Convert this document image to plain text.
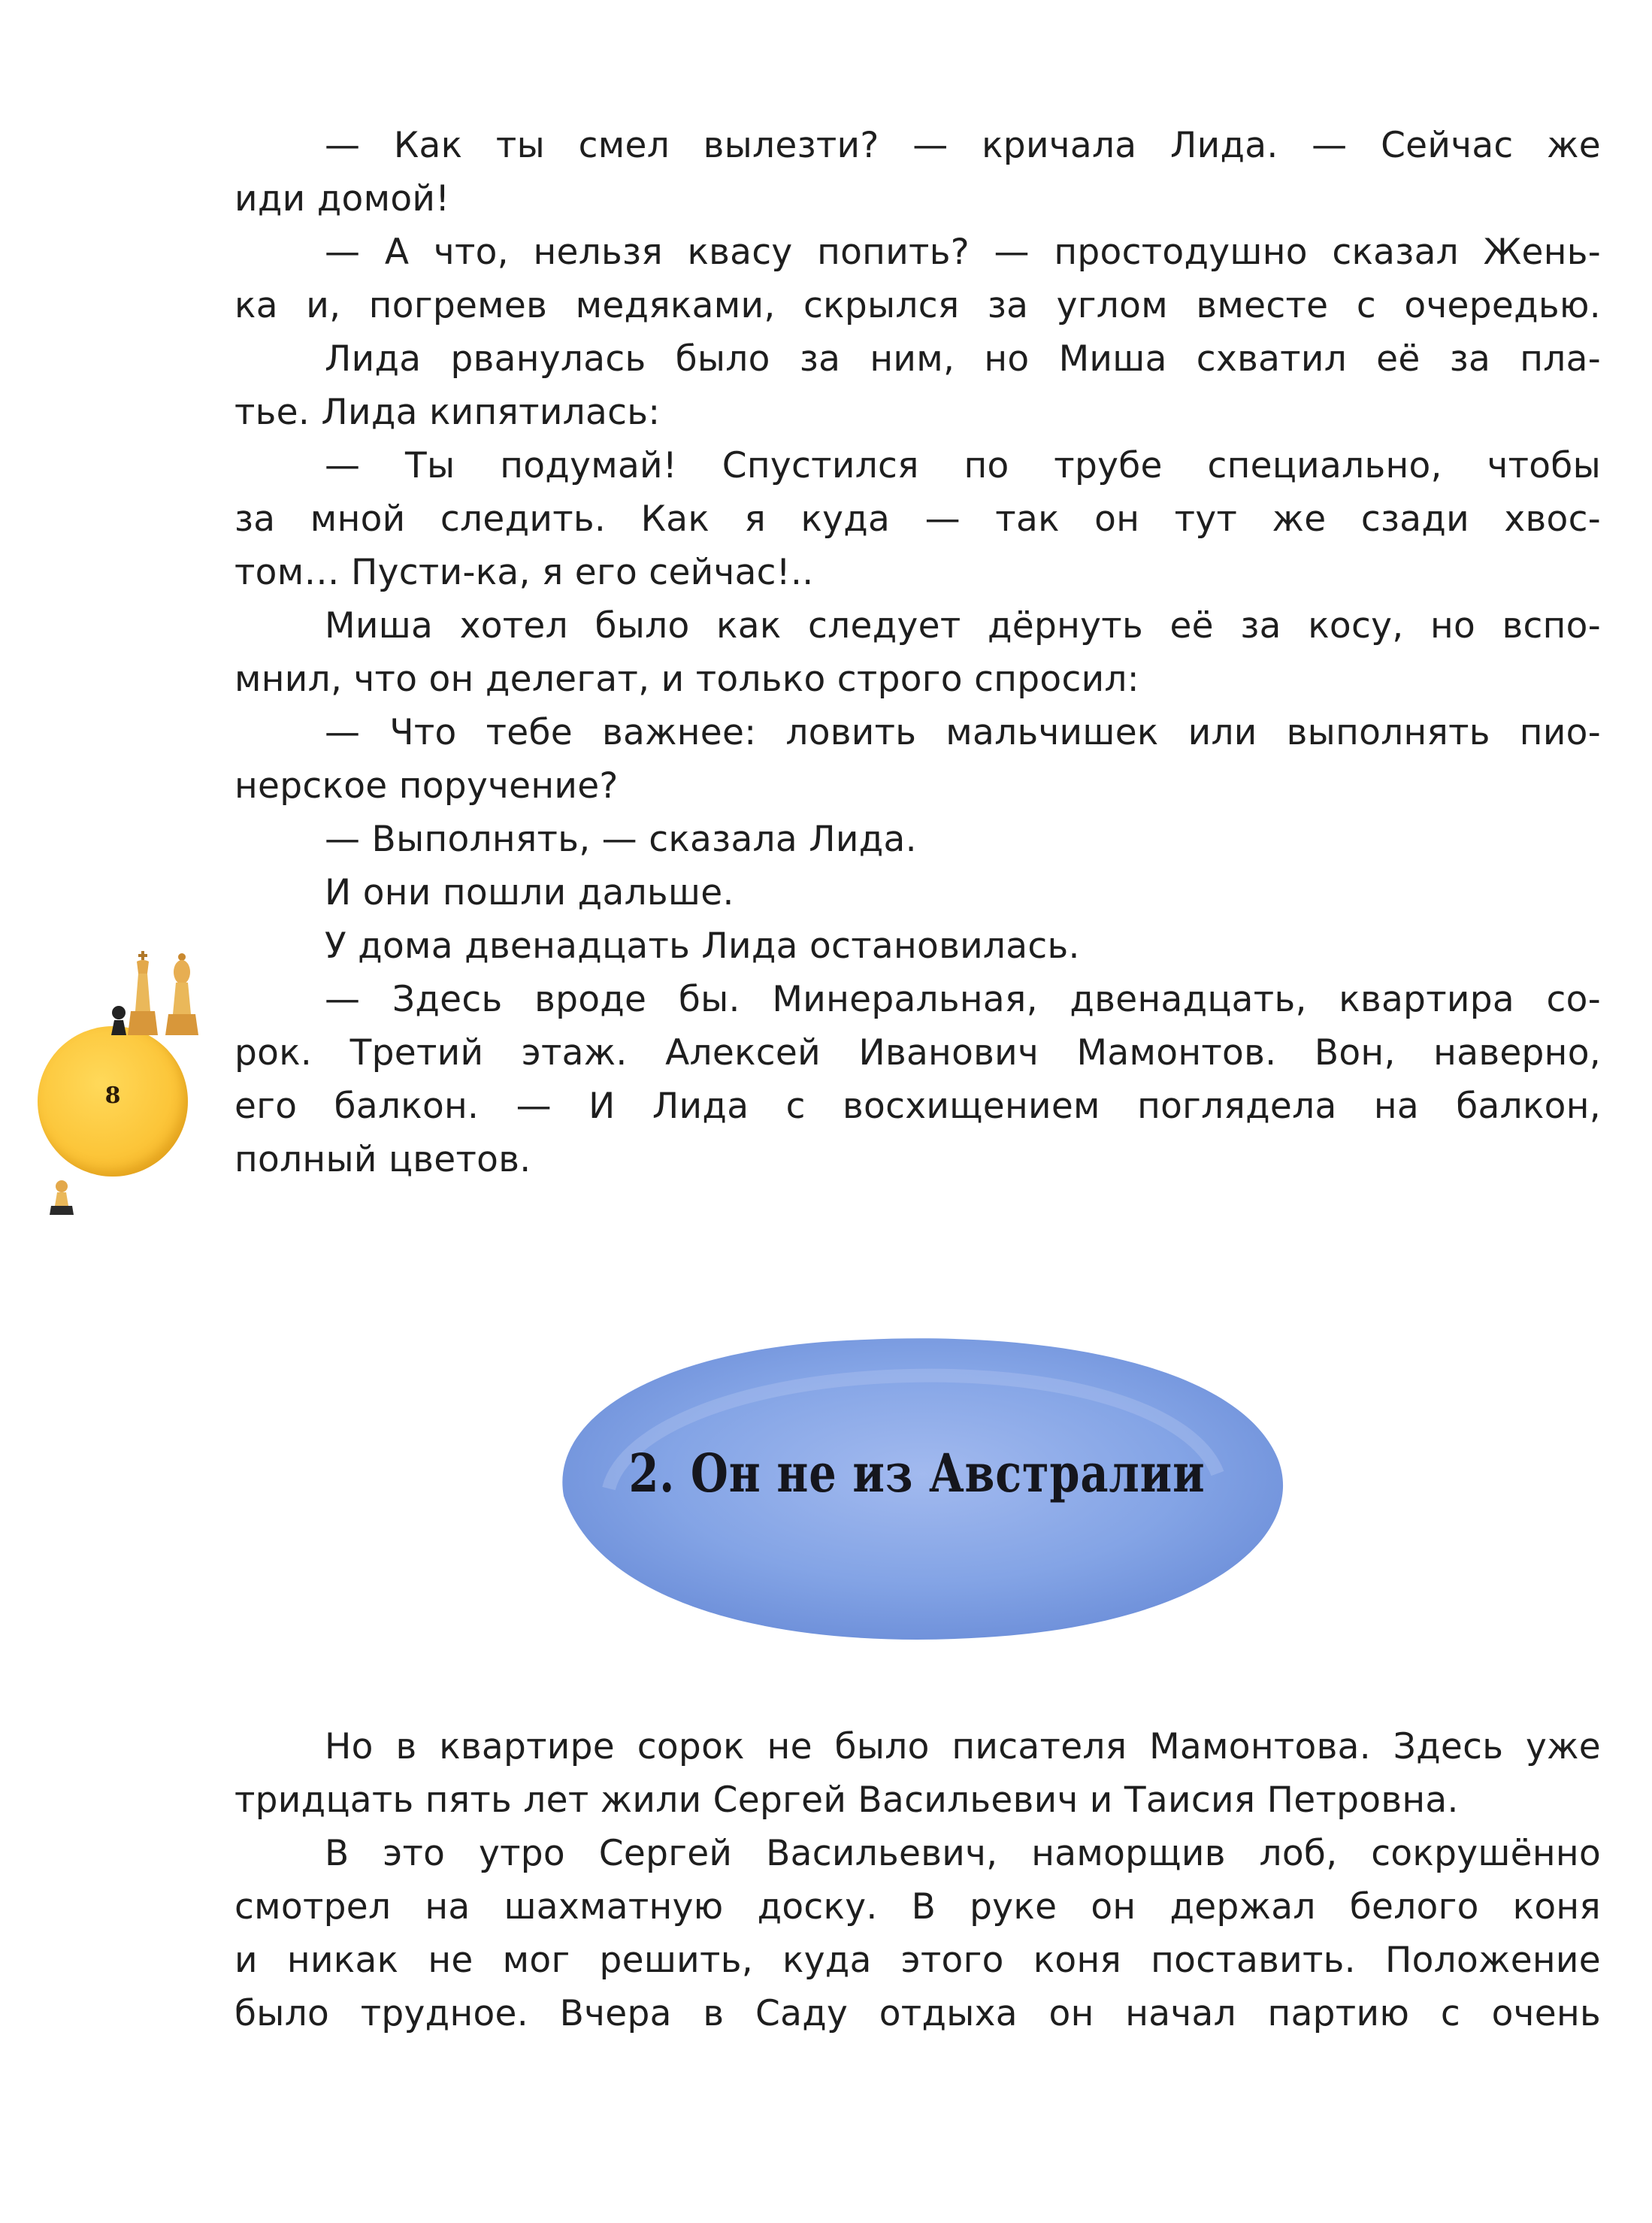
— Как ты смел вылезти? — кричала Лида. — Сейчас же
иди домой!
— А что, нельзя квасу попить? — простодушно сказал Жень-
ка и, погремев медяками, скрылся за углом вместе с очередью.
Лида рванулась было за ним, но Миша схватил её за пла-
тье. Лида кипятилась:
— Ты подумай! Спустился по трубе специально, чтобы
за мной следить. Как я куда — так он тут же сзади хвос-
том… Пусти-ка, я его сейчас!..
Миша хотел было как следует дёрнуть её за косу, но вспо-
мнил, что он делегат, и только строго спросил:
— Что тебе важнее: ловить мальчишек или выполнять пио-
нерское поручение?
— Выполнять, — сказала Лида.
И они пошли дальше.
У дома двенадцать Лида остановилась.
— Здесь вроде бы. Минеральная, двенадцать, квартира со-
рок. Третий этаж. Алексей Иванович Мамонтов. Вон, наверно,
его балкон. — И Лида с восхищением поглядела на балкон,
полный цветов.
8
2. Он не из Австралии
Но в квартире сорок не было писателя Мамонтова. Здесь уже
тридцать пять лет жили Сергей Васильевич и Таисия Петровна.
В это утро Сергей Васильевич, наморщив лоб, сокрушённо
смотрел на шахматную доску. В руке он держал белого коня
и никак не мог решить, куда этого коня поставить. Положение
было трудное. Вчера в Саду отдыха он начал партию с очень
